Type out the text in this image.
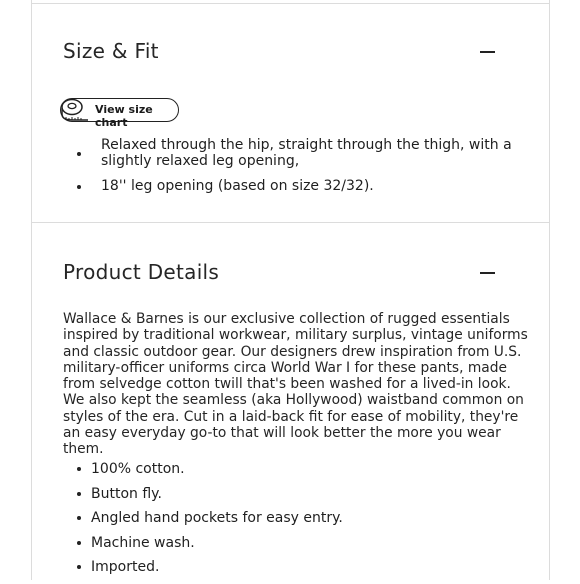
Size & Fit
View size chart
Relaxed through the hip, straight through the thigh, with a slightly relaxed leg opening,
18'' leg opening (based on size 32/32).
Product Details

Wallace & Barnes is our exclusive collection of rugged essentials inspired by traditional workwear, military surplus, vintage uniforms and classic outdoor gear. Our designers drew inspiration from U.S. military-officer uniforms circa World War I for these pants, made from selvedge cotton twill that's been washed for a lived-in look. We also kept the seamless (aka Hollywood) waistband common on styles of the era. Cut in a laid-back fit for ease of mobility, they're an easy everyday go-to that will look better the more you wear them.

100% cotton.
Button fly.
Angled hand pockets for easy entry.
Machine wash.
Imported.
